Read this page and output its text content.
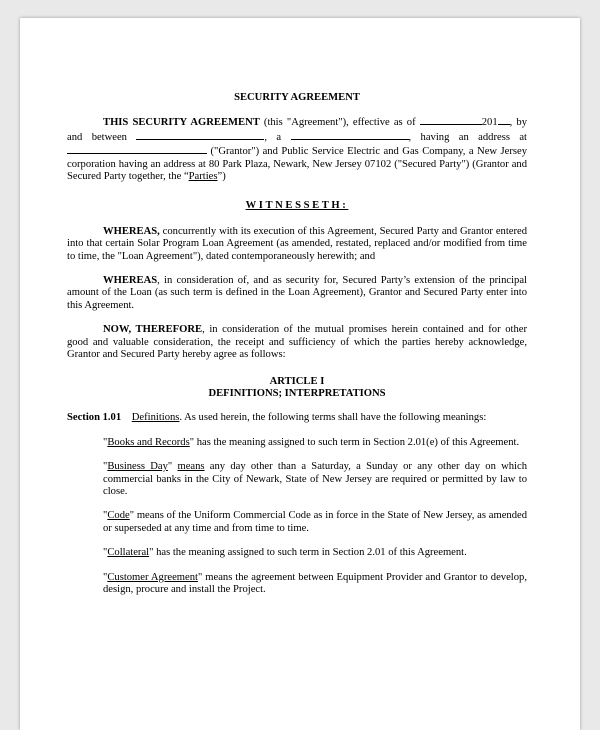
SECURITY AGREEMENT

THIS SECURITY AGREEMENT (this "Agreement"), effective as of	201 , by and between	, a	, having an address at  ("Grantor") and Public Service Electric and Gas Company, a New Jersey corporation having an address at 80 Park Plaza, Newark, New Jersey 07102 ("Secured Party") (Grantor and Secured Party together, the “Parties”)

WITNESSETH:

WHEREAS, concurrently with its execution of this Agreement, Secured Party and Grantor entered into that certain Solar Program Loan Agreement (as amended, restated, replaced and/or modified from time to time, the "Loan Agreement"), dated contemporaneously herewith; and

WHEREAS, in consideration of, and as security for, Secured Party’s extension of the principal amount of the Loan (as such term is defined in the Loan Agreement), Grantor and Secured Party enter into this Agreement.

NOW, THEREFORE, in consideration of the mutual promises herein contained and for other good and valuable consideration, the receipt and sufficiency of which the parties hereby acknowledge, Grantor and Secured Party hereby agree as follows:

ARTICLE I
DEFINITIONS; INTERPRETATIONS

Section 1.01 Definitions. As used herein, the following terms shall have the following meanings:

"Books and Records" has the meaning assigned to such term in Section 2.01(e) of this Agreement.

"Business Day" means any day other than a Saturday, a Sunday or any other day on which commercial banks in the City of Newark, State of New Jersey are required or permitted by law to close.

"Code" means of the Uniform Commercial Code as in force in the State of New Jersey, as amended or superseded at any time and from time to time.

"Collateral" has the meaning assigned to such term in Section 2.01 of this Agreement.

"Customer Agreement" means the agreement between Equipment Provider and Grantor to develop, design, procure and install the Project.
